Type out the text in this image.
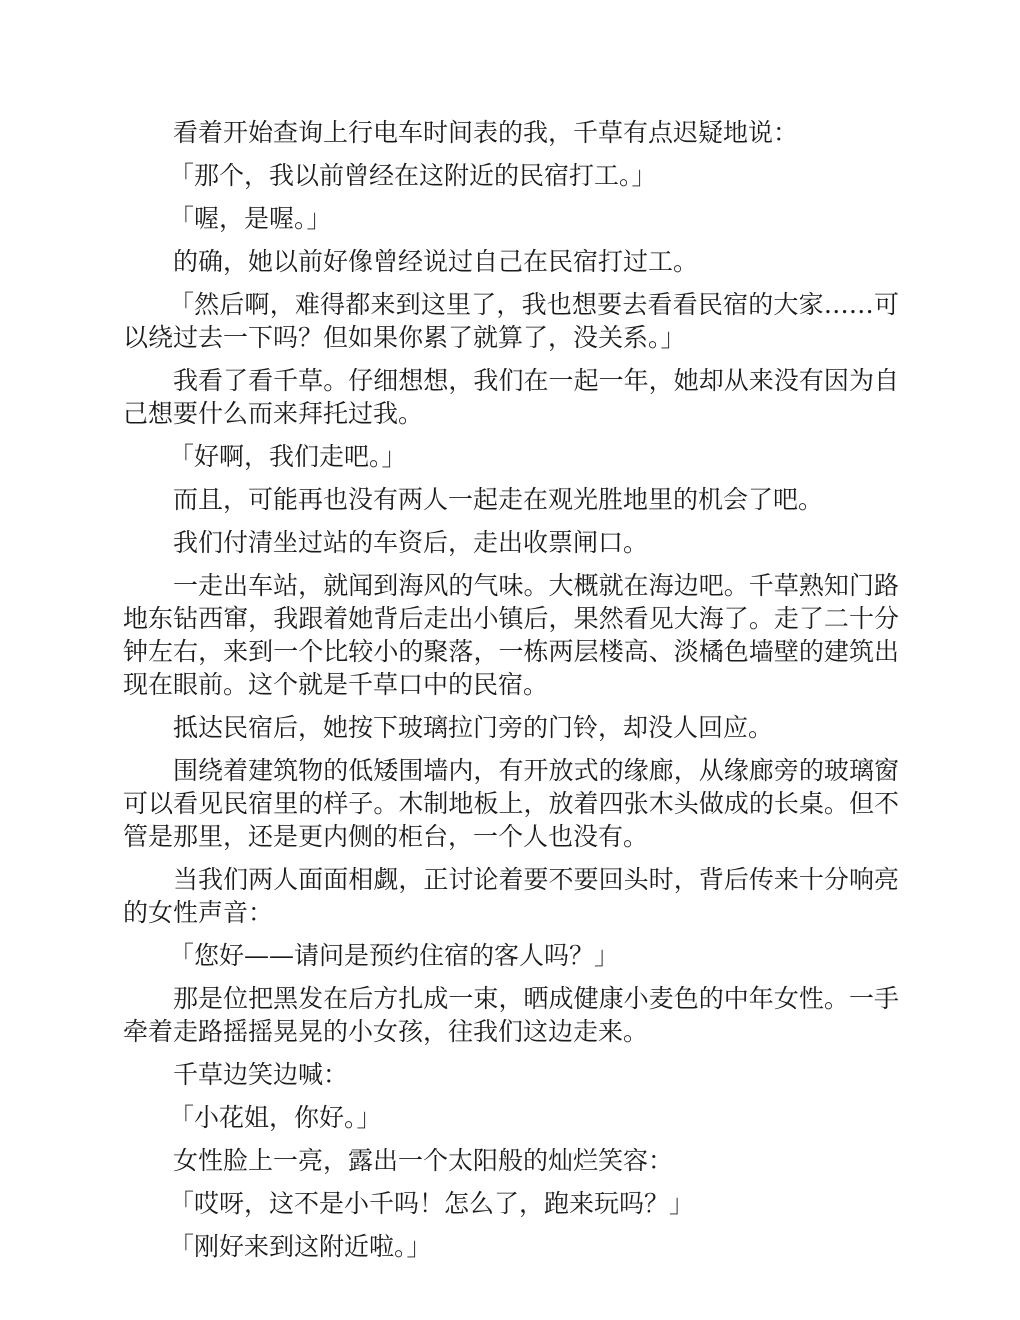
看着开始查询上行电车时间表的我，千草有点迟疑地说：

「那个，我以前曾经在这附近的民宿打工。」

「喔，是喔。」

的确，她以前好像曾经说过自己在民宿打过工。

「然后啊，难得都来到这里了，我也想要去看看民宿的大家……可以绕过去一下吗？但如果你累了就算了，没关系。」

我看了看千草。仔细想想，我们在一起一年，她却从来没有因为自己想要什么而来拜托过我。

「好啊，我们走吧。」

而且，可能再也没有两人一起走在观光胜地里的机会了吧。

我们付清坐过站的车资后，走出收票闸口。

一走出车站，就闻到海风的气味。大概就在海边吧。千草熟知门路地东钻西窜，我跟着她背后走出小镇后，果然看见大海了。走了二十分钟左右，来到一个比较小的聚落，一栋两层楼高、淡橘色墙壁的建筑出现在眼前。这个就是千草口中的民宿。

抵达民宿后，她按下玻璃拉门旁的门铃，却没人回应。

围绕着建筑物的低矮围墙内，有开放式的缘廊，从缘廊旁的玻璃窗可以看见民宿里的样子。木制地板上，放着四张木头做成的长桌。但不管是那里，还是更内侧的柜台，一个人也没有。

当我们两人面面相觑，正讨论着要不要回头时，背后传来十分响亮的女性声音：

「您好——请问是预约住宿的客人吗？」

那是位把黑发在后方扎成一束，晒成健康小麦色的中年女性。一手牵着走路摇摇晃晃的小女孩，往我们这边走来。

千草边笑边喊：

「小花姐，你好。」

女性脸上一亮，露出一个太阳般的灿烂笑容：

「哎呀，这不是小千吗！怎么了，跑来玩吗？」

「刚好来到这附近啦。」
